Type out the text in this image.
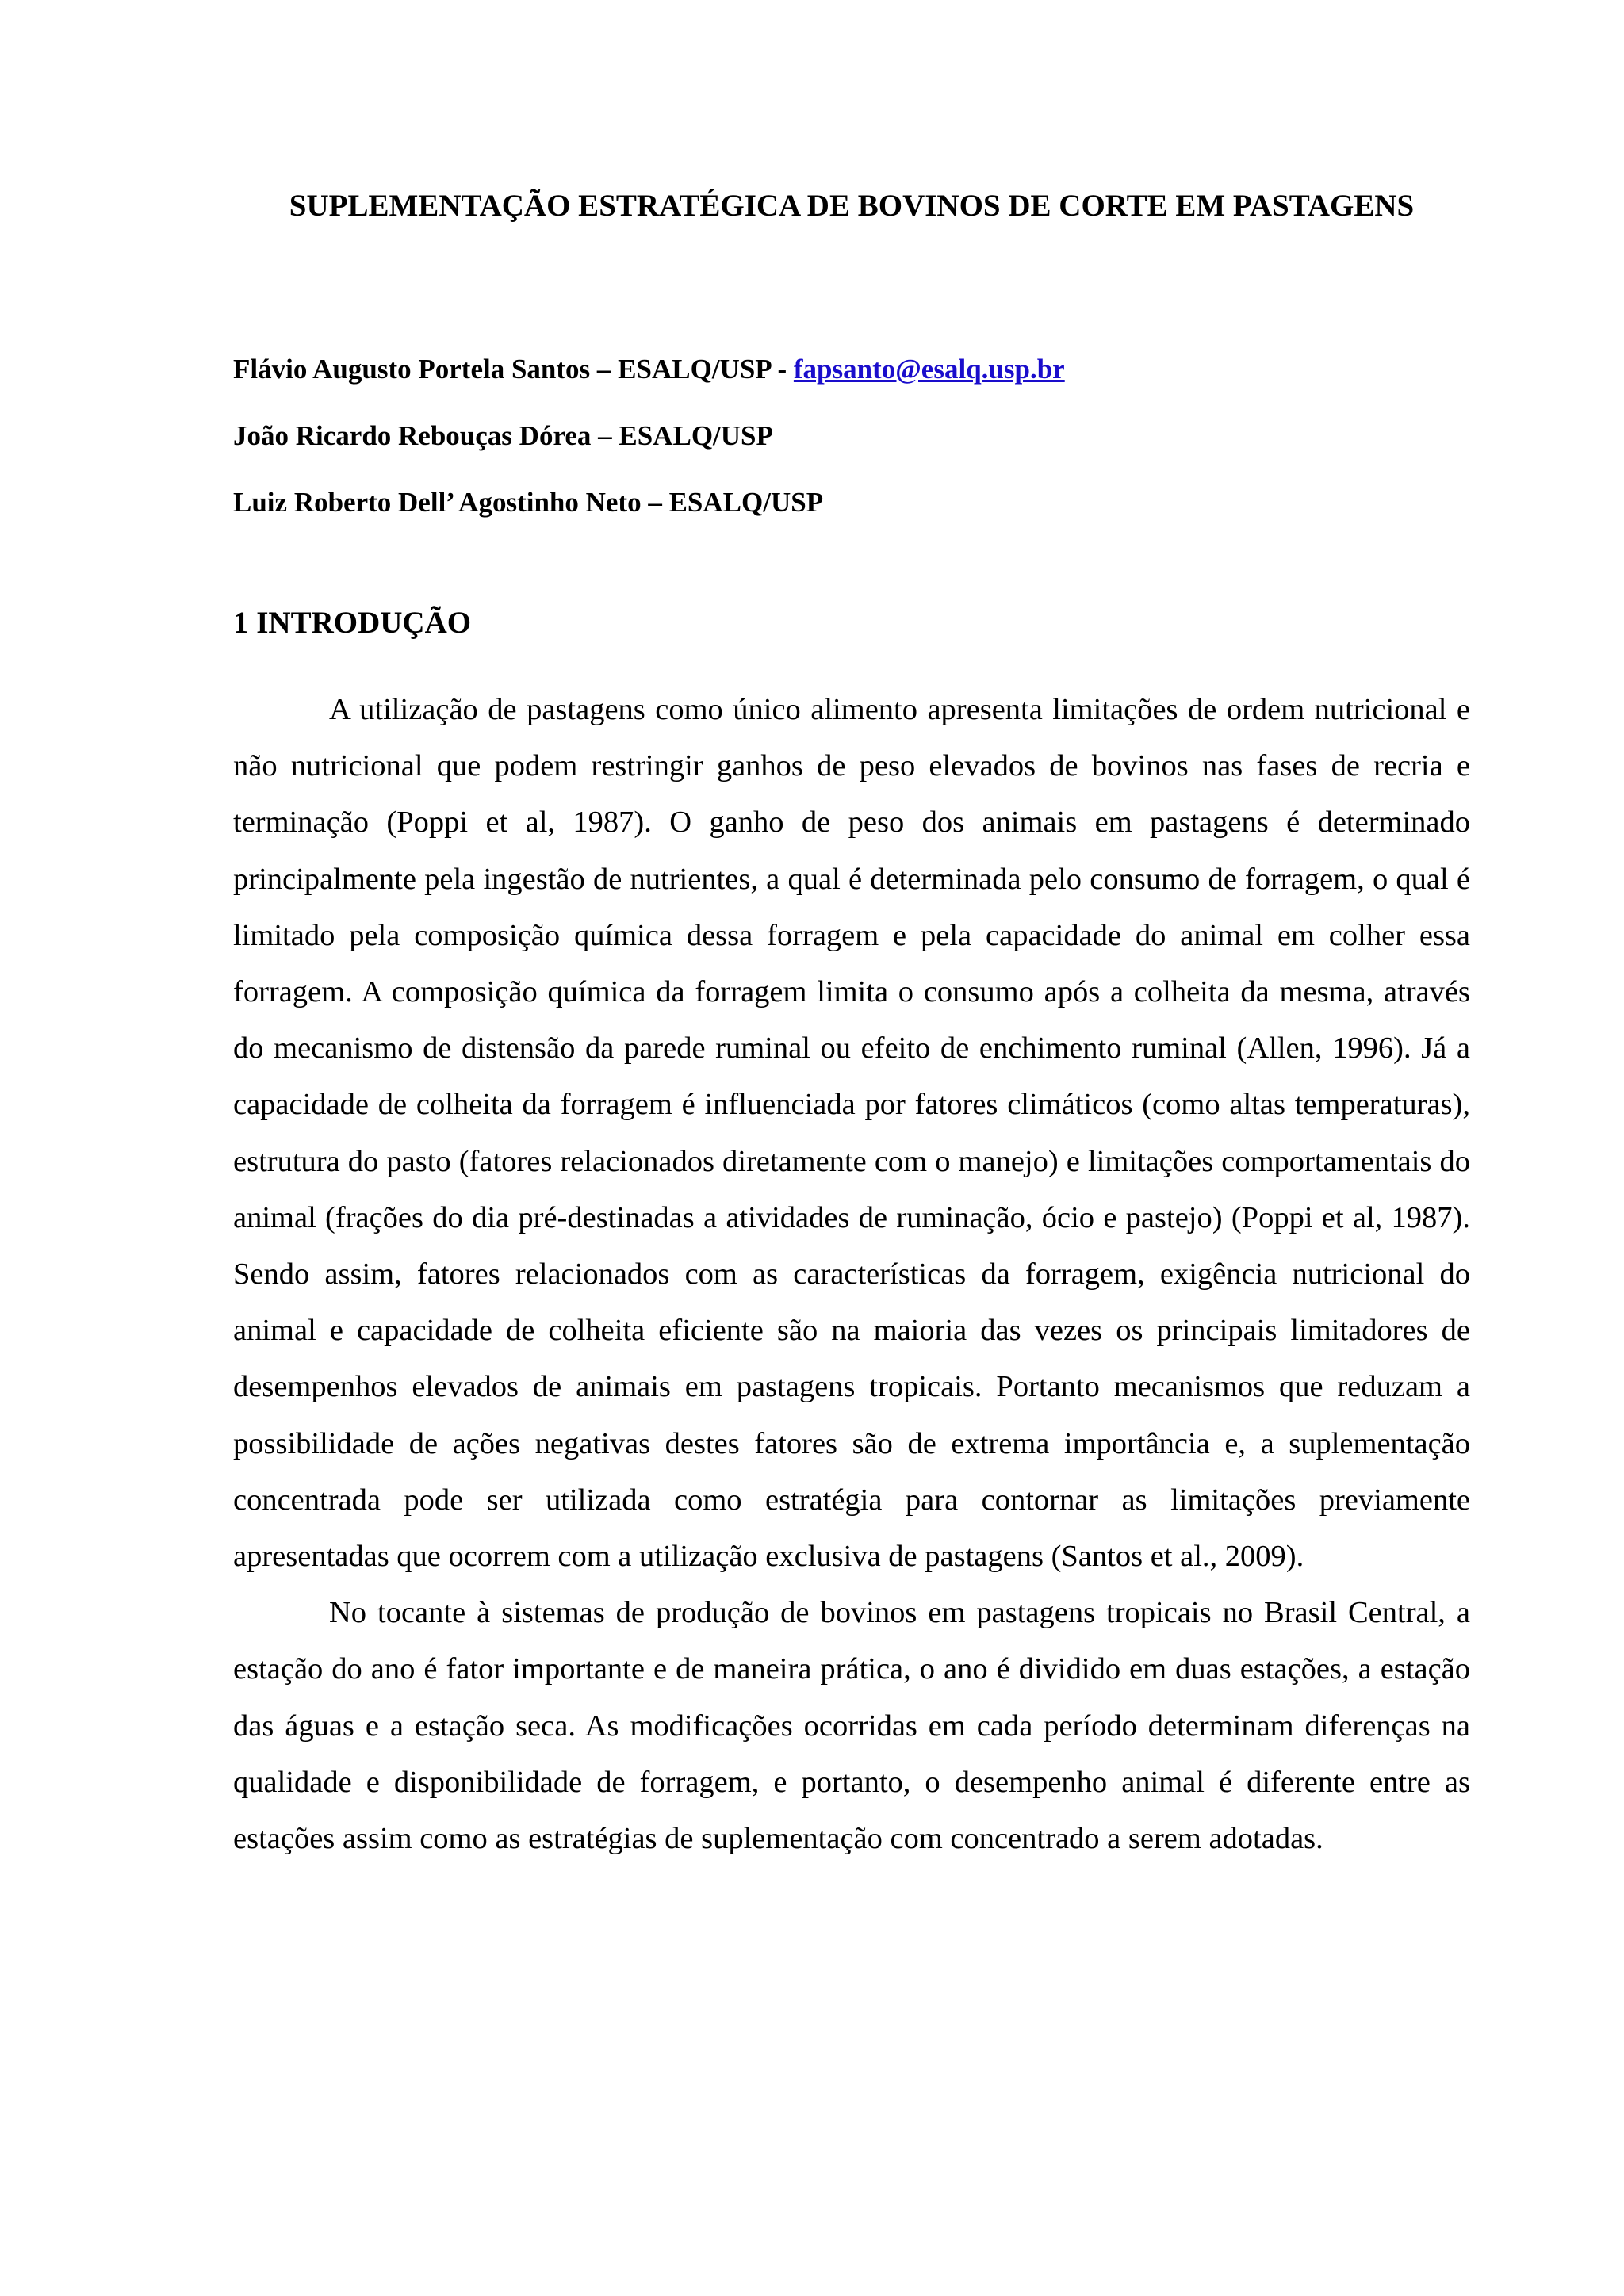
SUPLEMENTAÇÃO ESTRATÉGICA DE BOVINOS DE CORTE EM PASTAGENS
Flávio Augusto Portela Santos – ESALQ/USP - fapsanto@esalq.usp.br
João Ricardo Rebouças Dórea – ESALQ/USP
Luiz Roberto Dell’ Agostinho Neto – ESALQ/USP
1 INTRODUÇÃO

A utilização de pastagens como único alimento apresenta limitações de ordem nutricional e não nutricional que podem restringir ganhos de peso elevados de bovinos nas fases de recria e terminação (Poppi et al, 1987). O ganho de peso dos animais em pastagens é determinado principalmente pela ingestão de nutrientes, a qual é determinada pelo consumo de forragem, o qual é limitado pela composição química dessa forragem e pela capacidade do animal em colher essa forragem. A composição química da forragem limita o consumo após a colheita da mesma, através do mecanismo de distensão da parede ruminal ou efeito de enchimento ruminal (Allen, 1996). Já a capacidade de colheita da forragem é influenciada por fatores climáticos (como altas temperaturas), estrutura do pasto (fatores relacionados diretamente com o manejo) e limitações comportamentais do animal (frações do dia pré-destinadas a atividades de ruminação, ócio e pastejo) (Poppi et al, 1987). Sendo assim, fatores relacionados com as características da forragem, exigência nutricional do animal e capacidade de colheita eficiente são na maioria das vezes os principais limitadores de desempenhos elevados de animais em pastagens tropicais. Portanto mecanismos que reduzam a possibilidade de ações negativas destes fatores são de extrema importância e, a suplementação concentrada pode ser utilizada como estratégia para contornar as limitações previamente apresentadas que ocorrem com a utilização exclusiva de pastagens (Santos et al., 2009).

No tocante à sistemas de produção de bovinos em pastagens tropicais no Brasil Central, a estação do ano é fator importante e de maneira prática, o ano é dividido em duas estações, a estação das águas e a estação seca. As modificações ocorridas em cada período determinam diferenças na qualidade e disponibilidade de forragem, e portanto, o desempenho animal é diferente entre as estações assim como as estratégias de suplementação com concentrado a serem adotadas.
